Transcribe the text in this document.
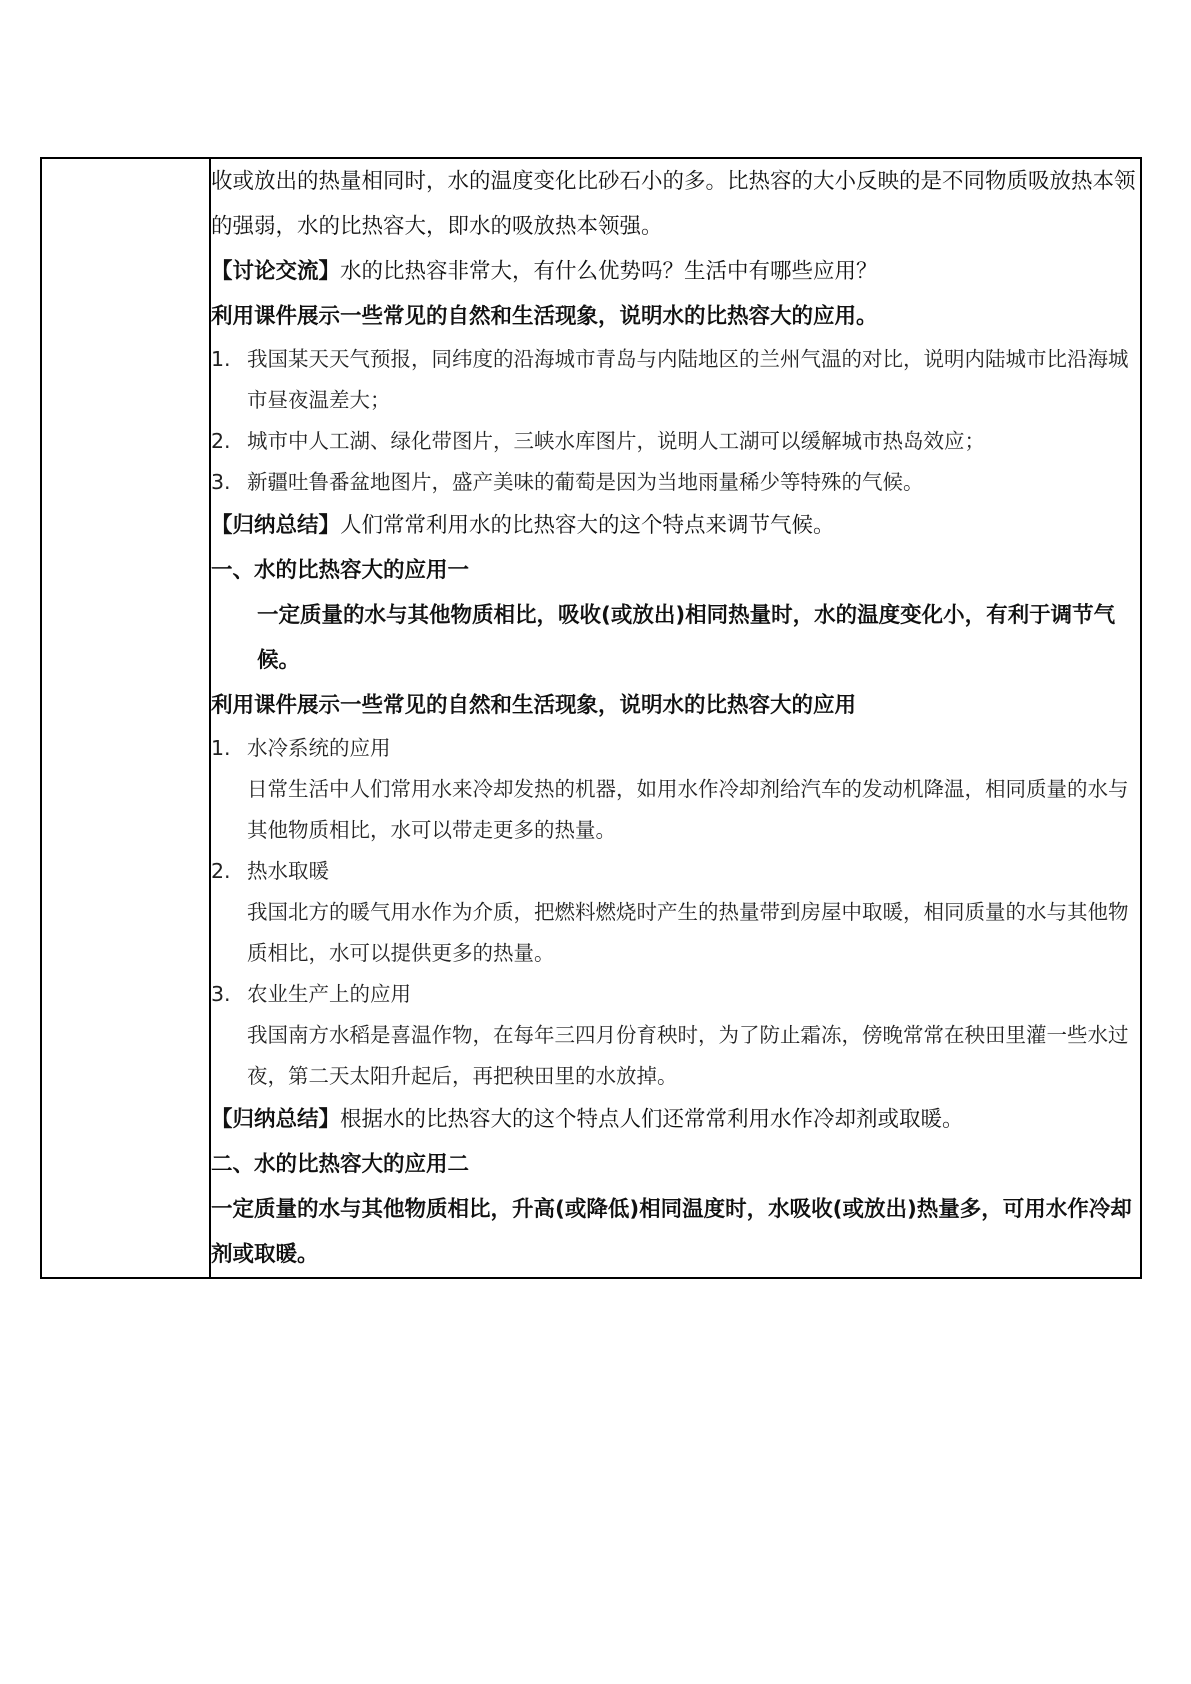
收或放出的热量相同时，水的温度变化比砂石小的多。比热容的大小反映的是不同物质吸放热本领的强弱，水的比热容大，即水的吸放热本领强。

【讨论交流】水的比热容非常大，有什么优势吗？生活中有哪些应用？

利用课件展示一些常见的自然和生活现象，说明水的比热容大的应用。

1. 我国某天天气预报，同纬度的沿海城市青岛与内陆地区的兰州气温的对比，说明内陆城市比沿海城市昼夜温差大；

2. 城市中人工湖、绿化带图片，三峡水库图片，说明人工湖可以缓解城市热岛效应；

3. 新疆吐鲁番盆地图片，盛产美味的葡萄是因为当地雨量稀少等特殊的气候。

【归纳总结】人们常常利用水的比热容大的这个特点来调节气候。

一、水的比热容大的应用一

一定质量的水与其他物质相比，吸收(或放出)相同热量时，水的温度变化小，有利于调节气候。

利用课件展示一些常见的自然和生活现象，说明水的比热容大的应用

1. 水冷系统的应用

日常生活中人们常用水来冷却发热的机器，如用水作冷却剂给汽车的发动机降温，相同质量的水与其他物质相比，水可以带走更多的热量。

2. 热水取暖

我国北方的暖气用水作为介质，把燃料燃烧时产生的热量带到房屋中取暖，相同质量的水与其他物质相比，水可以提供更多的热量。

3. 农业生产上的应用

我国南方水稻是喜温作物，在每年三四月份育秧时，为了防止霜冻，傍晚常常在秧田里灌一些水过夜，第二天太阳升起后，再把秧田里的水放掉。

【归纳总结】根据水的比热容大的这个特点人们还常常利用水作冷却剂或取暖。

二、水的比热容大的应用二

一定质量的水与其他物质相比，升高(或降低)相同温度时，水吸收(或放出)热量多，可用水作冷却剂或取暖。
